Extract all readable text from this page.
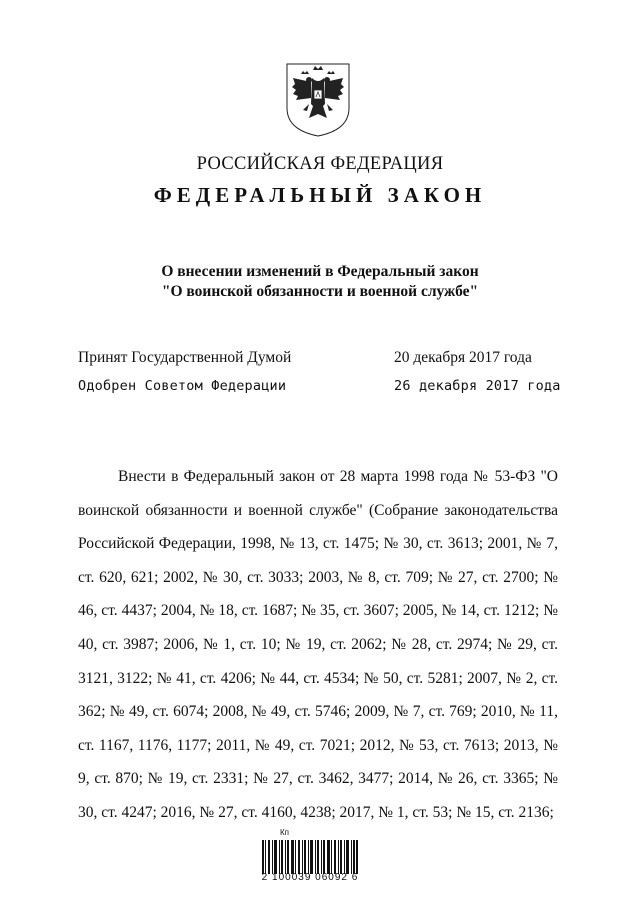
РОССИЙСКАЯ ФЕДЕРАЦИЯ
ФЕДЕРАЛЬНЫЙ ЗАКОН
О внесении изменений в Федеральный закон
"О воинской обязанности и военной службе"
Принят Государственной Думой	20 декабря 2017 года
Одобрен Советом Федерации	26 декабря 2017 года
Внести в Федеральный закон от 28 марта 1998 года № 53-ФЗ "О воинской обязанности и военной службе" (Собрание законодательства Российской Федерации, 1998, № 13, ст. 1475; № 30, ст. 3613; 2001, № 7, ст. 620, 621; 2002, № 30, ст. 3033; 2003, № 8, ст. 709; № 27, ст. 2700; № 46, ст. 4437; 2004, № 18, ст. 1687; № 35, ст. 3607; 2005, № 14, ст. 1212; № 40, ст. 3987; 2006, № 1, ст. 10; № 19, ст. 2062; № 28, ст. 2974; № 29, ст. 3121, 3122; № 41, ст. 4206; № 44, ст. 4534; № 50, ст. 5281; 2007, № 2, ст. 362; № 49, ст. 6074; 2008, № 49, ст. 5746; 2009, № 7, ст. 769; 2010, № 11, ст. 1167, 1176, 1177; 2011, № 49, ст. 7021; 2012, № 53, ст. 7613; 2013, № 9, ст. 870; № 19, ст. 2331; № 27, ст. 3462, 3477; 2014, № 26, ст. 3365; № 30, ст. 4247; 2016, № 27, ст. 4160, 4238; 2017, № 1, ст. 53; № 15, ст. 2136;
Кп
2 100039 06092 6
